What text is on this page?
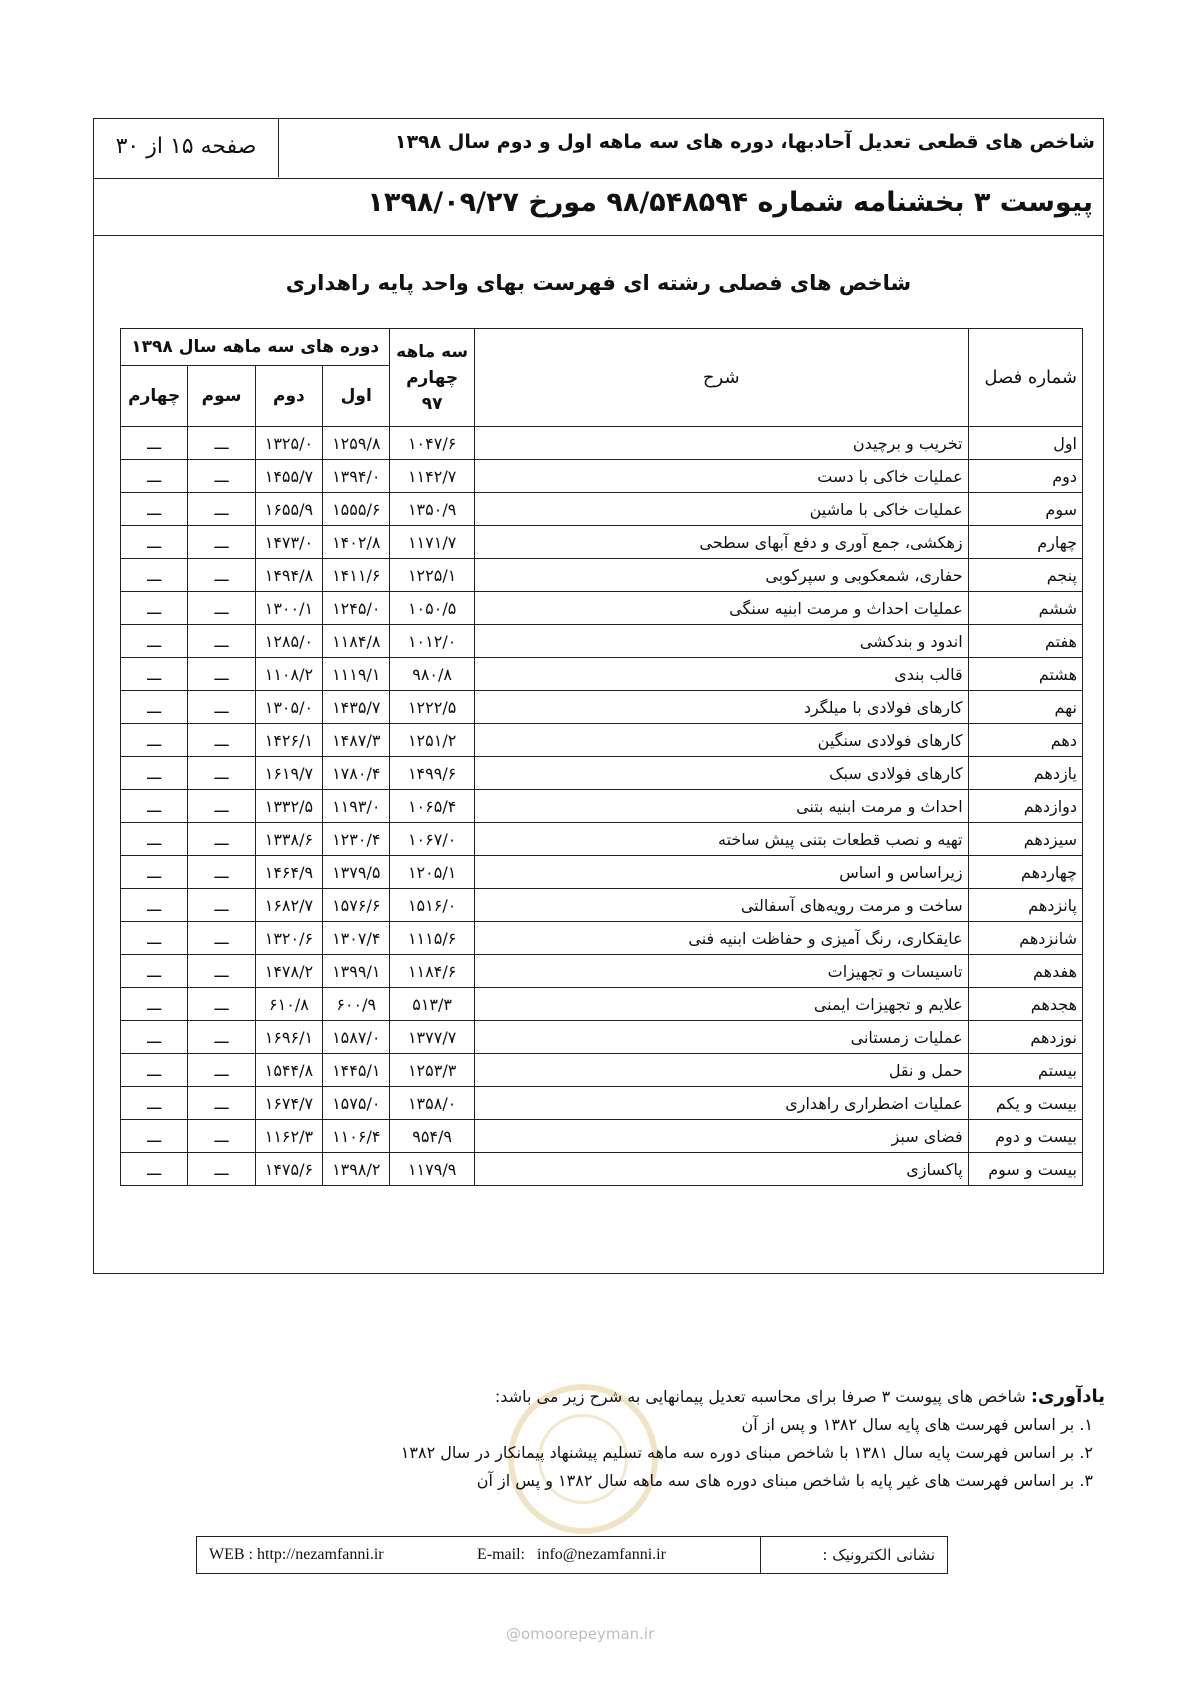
شاخص های قطعی تعدیل آحادبها، دوره های سه ماهه اول و دوم سال ۱۳۹۸
صفحه ۱۵ از ۳۰
پیوست ۳ بخشنامه شماره ۹۸/۵۴۸۵۹۴ مورخ ۱۳۹۸/۰۹/۲۷
شاخص های فصلی رشته ای فهرست بهای واحد پایه راهداری
شماره فصل	شرح	سه ماهه چهارم ۹۷	دوره های سه ماهه سال ۱۳۹۸			
			اول	دوم	سوم	چهارم
اول	تخریب و برچیدن	۱۰۴۷/۶	۱۲۵۹/۸	۱۳۲۵/۰	ـــ	ـــ
دوم	عملیات خاکی با دست	۱۱۴۲/۷	۱۳۹۴/۰	۱۴۵۵/۷	ـــ	ـــ
سوم	عملیات خاکی با ماشین	۱۳۵۰/۹	۱۵۵۵/۶	۱۶۵۵/۹	ـــ	ـــ
چهارم	زهکشی، جمع آوری و دفع آبهای سطحی	۱۱۷۱/۷	۱۴۰۲/۸	۱۴۷۳/۰	ـــ	ـــ
پنجم	حفاری، شمعکوبی و سپرکوبی	۱۲۲۵/۱	۱۴۱۱/۶	۱۴۹۴/۸	ـــ	ـــ
ششم	عملیات احداث و مرمت ابنیه سنگی	۱۰۵۰/۵	۱۲۴۵/۰	۱۳۰۰/۱	ـــ	ـــ
هفتم	اندود و بندکشی	۱۰۱۲/۰	۱۱۸۴/۸	۱۲۸۵/۰	ـــ	ـــ
هشتم	قالب بندی	۹۸۰/۸	۱۱۱۹/۱	۱۱۰۸/۲	ـــ	ـــ
نهم	کارهای فولادی با میلگرد	۱۲۲۲/۵	۱۴۳۵/۷	۱۳۰۵/۰	ـــ	ـــ
دهم	کارهای فولادی سنگین	۱۲۵۱/۲	۱۴۸۷/۳	۱۴۲۶/۱	ـــ	ـــ
یازدهم	کارهای فولادی سبک	۱۴۹۹/۶	۱۷۸۰/۴	۱۶۱۹/۷	ـــ	ـــ
دوازدهم	احداث و مرمت ابنیه بتنی	۱۰۶۵/۴	۱۱۹۳/۰	۱۳۳۲/۵	ـــ	ـــ
سیزدهم	تهیه و نصب قطعات بتنی پیش ساخته	۱۰۶۷/۰	۱۲۳۰/۴	۱۳۳۸/۶	ـــ	ـــ
چهاردهم	زیراساس و اساس	۱۲۰۵/۱	۱۳۷۹/۵	۱۴۶۴/۹	ـــ	ـــ
پانزدهم	ساخت و مرمت رویه‌های آسفالتی	۱۵۱۶/۰	۱۵۷۶/۶	۱۶۸۲/۷	ـــ	ـــ
شانزدهم	عایقکاری، رنگ آمیزی و حفاظت ابنیه فنی	۱۱۱۵/۶	۱۳۰۷/۴	۱۳۲۰/۶	ـــ	ـــ
هفدهم	تاسیسات و تجهیزات	۱۱۸۴/۶	۱۳۹۹/۱	۱۴۷۸/۲	ـــ	ـــ
هجدهم	علایم و تجهیزات ایمنی	۵۱۳/۳	۶۰۰/۹	۶۱۰/۸	ـــ	ـــ
نوزدهم	عملیات زمستانی	۱۳۷۷/۷	۱۵۸۷/۰	۱۶۹۶/۱	ـــ	ـــ
بیستم	حمل و نقل	۱۲۵۳/۳	۱۴۴۵/۱	۱۵۴۴/۸	ـــ	ـــ
بیست و یکم	عملیات اضطراری راهداری	۱۳۵۸/۰	۱۵۷۵/۰	۱۶۷۴/۷	ـــ	ـــ
بیست و دوم	فضای سبز	۹۵۴/۹	۱۱۰۶/۴	۱۱۶۲/۳	ـــ	ـــ
بیست و سوم	پاکسازی	۱۱۷۹/۹	۱۳۹۸/۲	۱۴۷۵/۶	ـــ	ـــ
یادآوری: شاخص های پیوست ۳ صرفا برای محاسبه تعدیل پیمانهایی به شرح زیر می باشد:
۱. بر اساس فهرست های پایه سال ۱۳۸۲ و پس از آن
۲. بر اساس فهرست پایه سال ۱۳۸۱ با شاخص مبنای دوره سه ماهه تسلیم پیشنهاد پیمانکار در سال ۱۳۸۲
۳. بر اساس فهرست های غیر پایه با شاخص مبنای دوره های سه ماهه سال ۱۳۸۲ و پس از آن
WEB : http://nezamfanni.ir	E-mail: info@nezamfanni.ir	نشانی الکترونیک :
@omoorepeyman.ir
